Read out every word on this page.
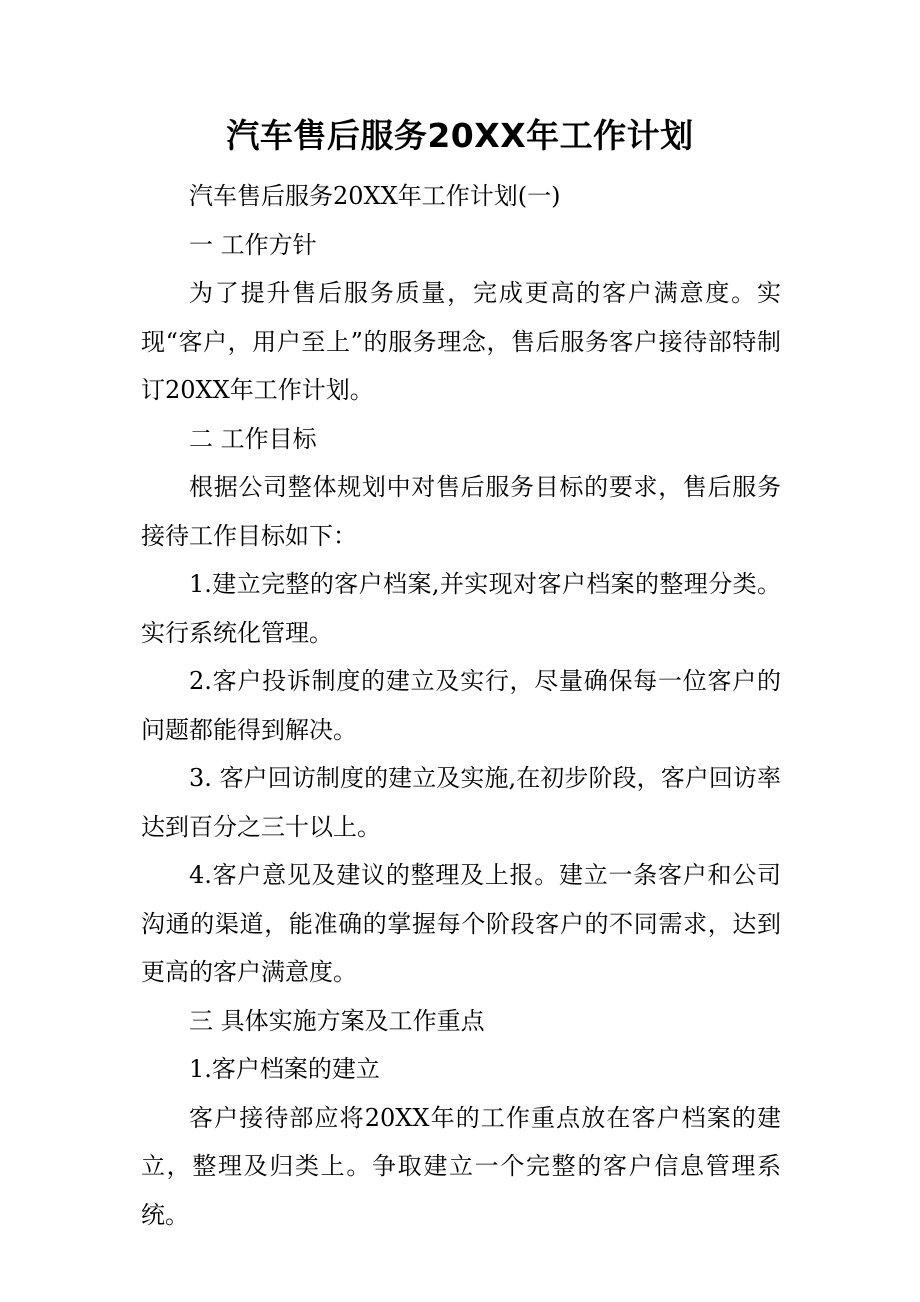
汽车售后服务20XX年工作计划

汽车售后服务20XX年工作计划(一)

一 工作方针

为了提升售后服务质量，完成更高的客户满意度。实现“客户，用户至上”的服务理念，售后服务客户接待部特制订20XX年工作计划。

二 工作目标

根据公司整体规划中对售后服务目标的要求，售后服务接待工作目标如下：

1.建立完整的客户档案,并实现对客户档案的整理分类。实行系统化管理。

2.客户投诉制度的建立及实行，尽量确保每一位客户的问题都能得到解决。

3. 客户回访制度的建立及实施,在初步阶段，客户回访率达到百分之三十以上。

4.客户意见及建议的整理及上报。建立一条客户和公司沟通的渠道，能准确的掌握每个阶段客户的不同需求，达到更高的客户满意度。

三 具体实施方案及工作重点

1.客户档案的建立

客户接待部应将20XX年的工作重点放在客户档案的建立，整理及归类上。争取建立一个完整的客户信息管理系统。
